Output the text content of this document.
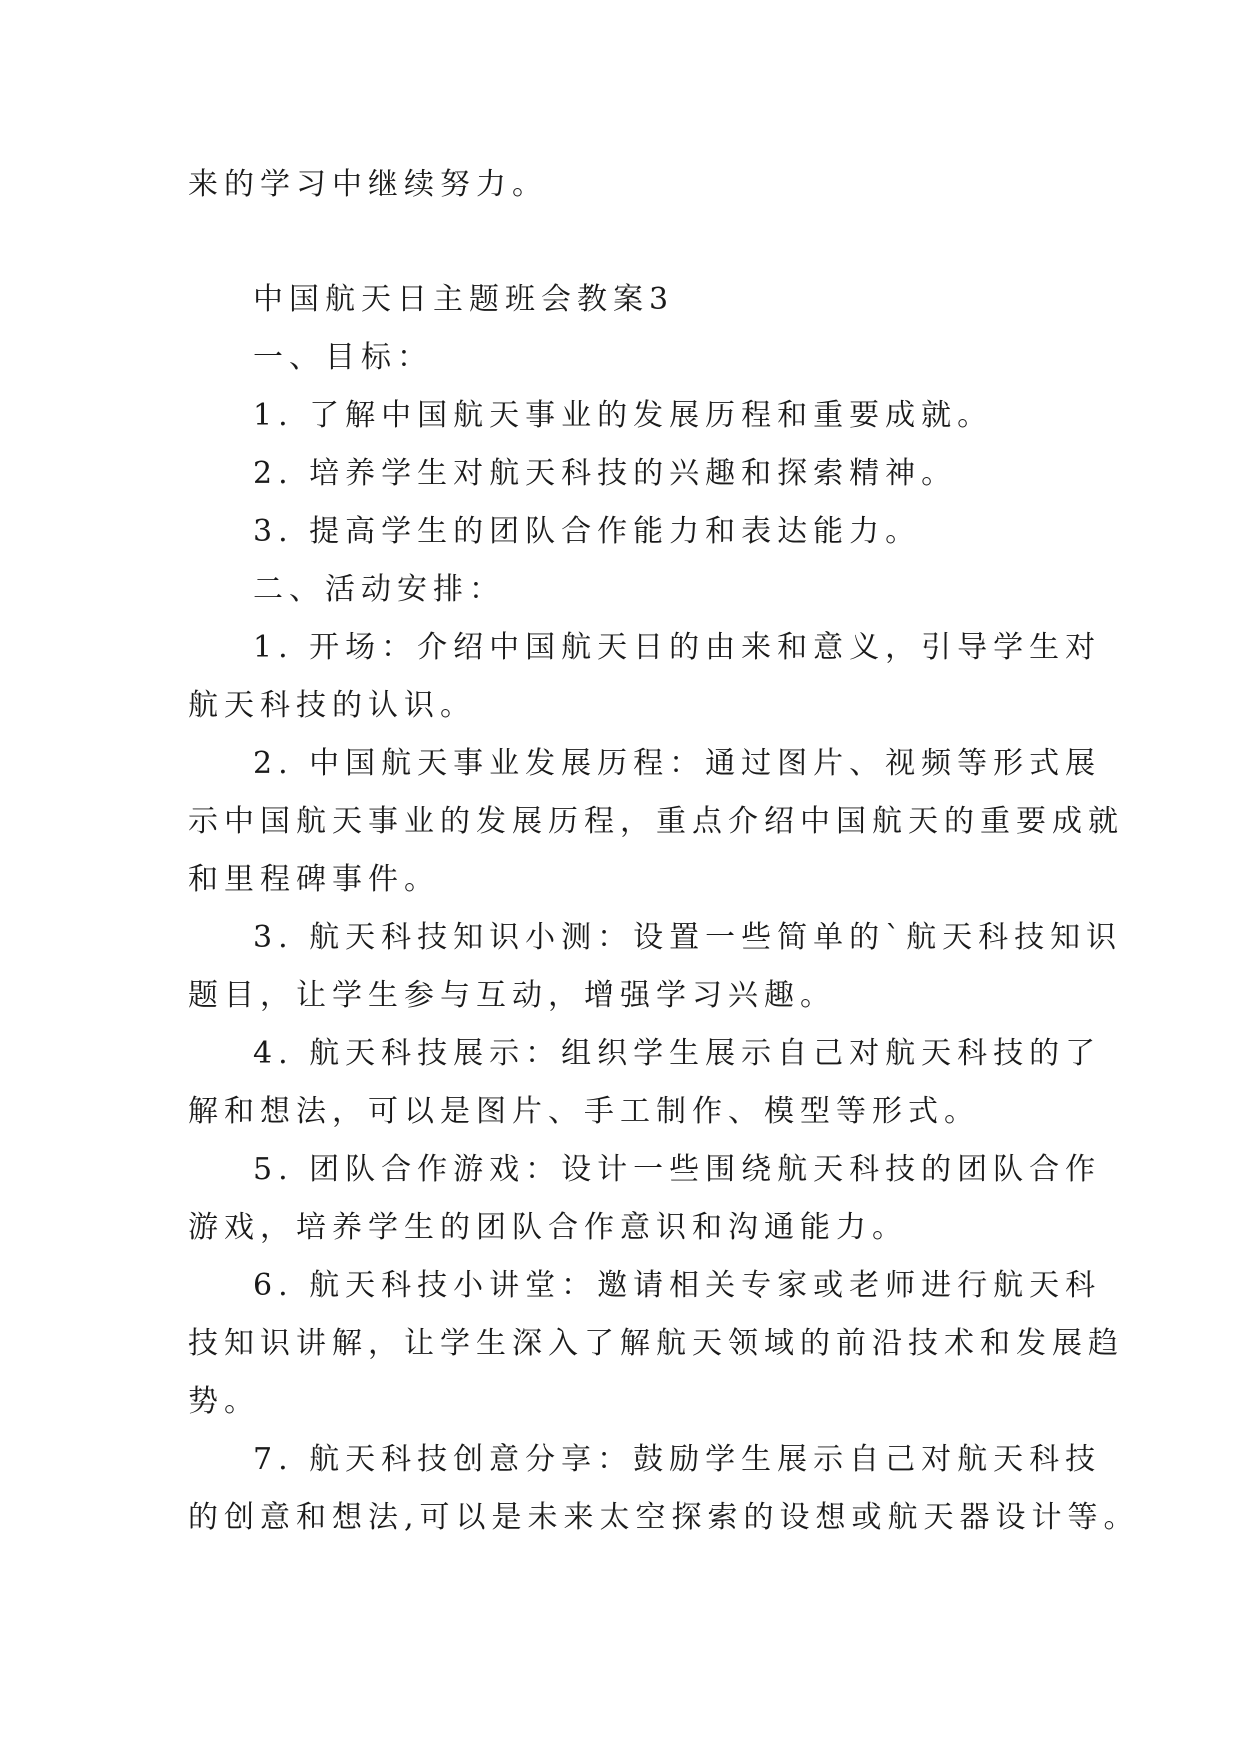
来的学习中继续努力。
中国航天日主题班会教案3
一、目标：
1. 了解中国航天事业的发展历程和重要成就。
2. 培养学生对航天科技的兴趣和探索精神。
3. 提高学生的团队合作能力和表达能力。
二、活动安排：
1. 开场：介绍中国航天日的由来和意义，引导学生对
航天科技的认识。
2. 中国航天事业发展历程：通过图片、视频等形式展
示中国航天事业的发展历程，重点介绍中国航天的重要成就
和里程碑事件。
3. 航天科技知识小测：设置一些简单的`航天科技知识
题目，让学生参与互动，增强学习兴趣。
4. 航天科技展示：组织学生展示自己对航天科技的了
解和想法，可以是图片、手工制作、模型等形式。
5. 团队合作游戏：设计一些围绕航天科技的团队合作
游戏，培养学生的团队合作意识和沟通能力。
6. 航天科技小讲堂：邀请相关专家或老师进行航天科
技知识讲解，让学生深入了解航天领域的前沿技术和发展趋
势。
7. 航天科技创意分享：鼓励学生展示自己对航天科技
的创意和想法,可以是未来太空探索的设想或航天器设计等。
